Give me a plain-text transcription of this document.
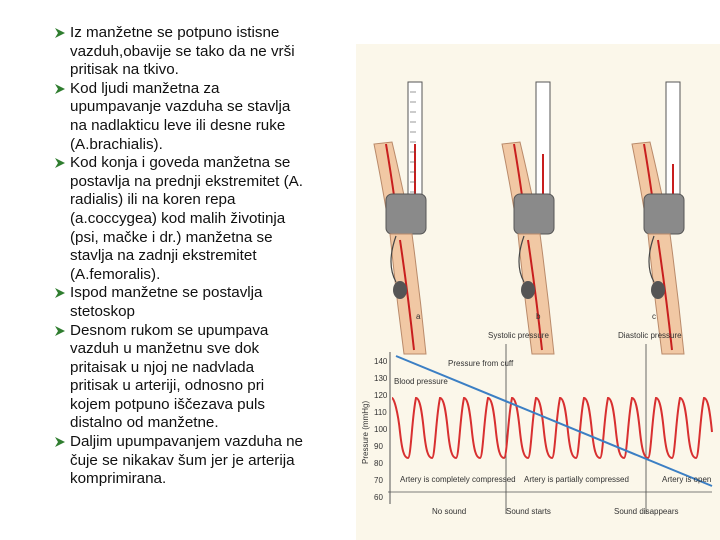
Iz manžetne se potpuno istisne
vazduh,obavije se tako da ne vrši
pritisak na tkivo.
Kod ljudi manžetna za
upumpavanje vazduha se stavlja
na nadlakticu leve ili desne ruke
(A.brachialis).
Kod konja i goveda manžetna se
postavlja na prednji ekstremitet (A.
radialis) ili na koren repa
(a.coccygea) kod malih životinja
(psi, mačke i dr.) manžetna se
stavlja na zadnji ekstremitet
(A.femoralis).
Ispod manžetne se postavlja
stetoskop
Desnom rukom se upumpava
vazduh u manžetnu sve dok
pritaisak u njoj ne nadvlada
pritisak u arteriji, odnosno pri
kojem potpuno iščezava puls
distalno od manžetne.
Daljim upumpavanjem vazduha ne
čuje se nikakav šum jer je arterija
komprimirana.
a	b	c
Pressure (mmHg)
140
130
120
110
100
90
80
70
60
Systolic pressure	Diastolic pressure
Pressure from cuff
Blood pressure
Artery is completely compressed Artery is partially compressed	Artery is open
No sound	Sound starts	Sound disappears
